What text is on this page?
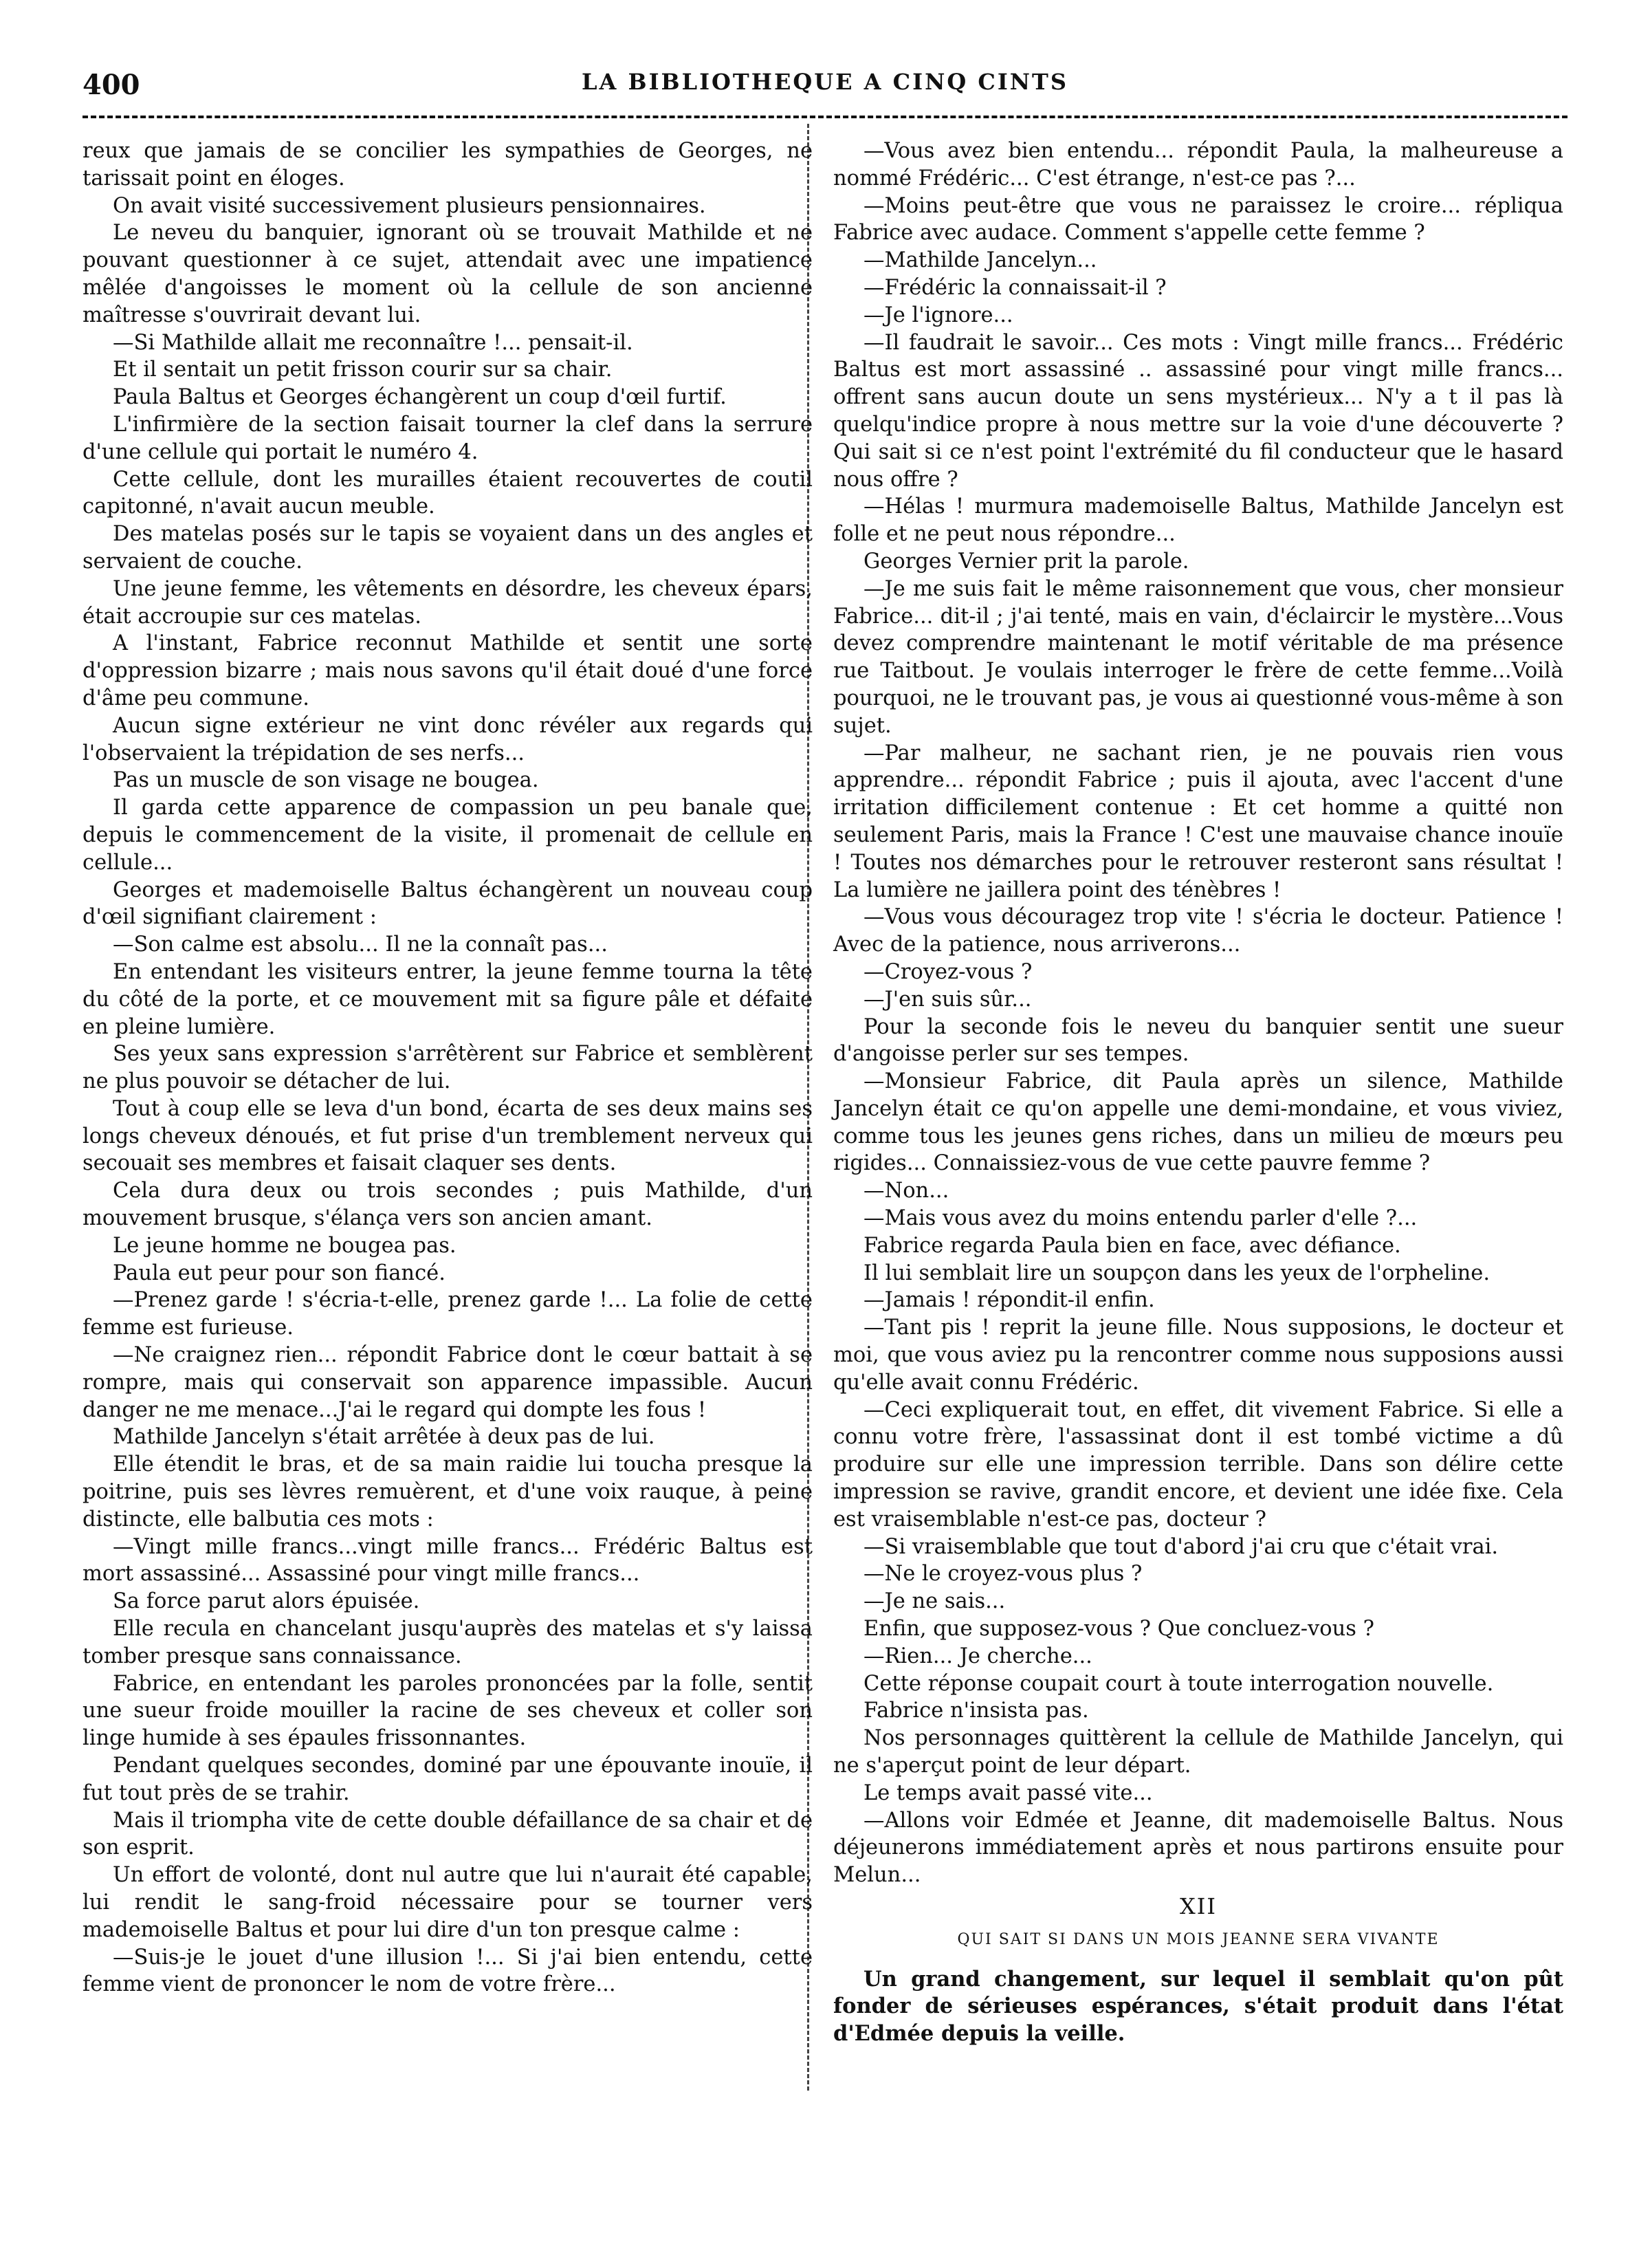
400	LA BIBLIOTHEQUE A CINQ CINTS

reux que jamais de se concilier les sympathies de Georges, ne tarissait point en éloges.

On avait visité successivement plusieurs pensionnaires.

Le neveu du banquier, ignorant où se trouvait Mathilde et ne pouvant questionner à ce sujet, attendait avec une impatience mêlée d'angoisses le moment où la cellule de son ancienne maîtresse s'ouvrirait devant lui.

—Si Mathilde allait me reconnaître !... pensait-il.

Et il sentait un petit frisson courir sur sa chair.

Paula Baltus et Georges échangèrent un coup d'œil furtif.

L'infirmière de la section faisait tourner la clef dans la serrure d'une cellule qui portait le numéro 4.

Cette cellule, dont les murailles étaient recouvertes de coutil capitonné, n'avait aucun meuble.

Des matelas posés sur le tapis se voyaient dans un des angles et servaient de couche.

Une jeune femme, les vêtements en désordre, les cheveux épars, était accroupie sur ces matelas.

A l'instant, Fabrice reconnut Mathilde et sentit une sorte d'oppression bizarre ; mais nous savons qu'il était doué d'une force d'âme peu commune.

Aucun signe extérieur ne vint donc révéler aux regards qui l'observaient la trépidation de ses nerfs...

Pas un muscle de son visage ne bougea.

Il garda cette apparence de compassion un peu banale que, depuis le commencement de la visite, il promenait de cellule en cellule...

Georges et mademoiselle Baltus échangèrent un nouveau coup d'œil signifiant clairement :

—Son calme est absolu... Il ne la connaît pas...

En entendant les visiteurs entrer, la jeune femme tourna la tête du côté de la porte, et ce mouvement mit sa figure pâle et défaite en pleine lumière.

Ses yeux sans expression s'arrêtèrent sur Fabrice et semblèrent ne plus pouvoir se détacher de lui.

Tout à coup elle se leva d'un bond, écarta de ses deux mains ses longs cheveux dénoués, et fut prise d'un tremblement nerveux qui secouait ses membres et faisait claquer ses dents.

Cela dura deux ou trois secondes ; puis Mathilde, d'un mouvement brusque, s'élança vers son ancien amant.

Le jeune homme ne bougea pas.

Paula eut peur pour son fiancé.

—Prenez garde ! s'écria-t-elle, prenez garde !... La folie de cette femme est furieuse.

—Ne craignez rien... répondit Fabrice dont le cœur battait à se rompre, mais qui conservait son apparence impassible. Aucun danger ne me menace...J'ai le regard qui dompte les fous !

Mathilde Jancelyn s'était arrêtée à deux pas de lui.

Elle étendit le bras, et de sa main raidie lui toucha presque la poitrine, puis ses lèvres remuèrent, et d'une voix rauque, à peine distincte, elle balbutia ces mots :

—Vingt mille francs...vingt mille francs... Frédéric Baltus est mort assassiné... Assassiné pour vingt mille francs...

Sa force parut alors épuisée.

Elle recula en chancelant jusqu'auprès des matelas et s'y laissa tomber presque sans connaissance.

Fabrice, en entendant les paroles prononcées par la folle, sentit une sueur froide mouiller la racine de ses cheveux et coller son linge humide à ses épaules frissonnantes.

Pendant quelques secondes, dominé par une épouvante inouïe, il fut tout près de se trahir.

Mais il triompha vite de cette double défaillance de sa chair et de son esprit.

Un effort de volonté, dont nul autre que lui n'aurait été capable, lui rendit le sang-froid nécessaire pour se tourner vers mademoiselle Baltus et pour lui dire d'un ton presque calme :

—Suis-je le jouet d'une illusion !... Si j'ai bien entendu, cette femme vient de prononcer le nom de votre frère...

—Vous avez bien entendu... répondit Paula, la malheureuse a nommé Frédéric... C'est étrange, n'est-ce pas ?...

—Moins peut-être que vous ne paraissez le croire... répliqua Fabrice avec audace. Comment s'appelle cette femme ?

—Mathilde Jancelyn...

—Frédéric la connaissait-il ?

—Je l'ignore...

—Il faudrait le savoir... Ces mots : Vingt mille francs... Frédéric Baltus est mort assassiné .. assassiné pour vingt mille francs... offrent sans aucun doute un sens mystérieux... N'y a t il pas là quelqu'indice propre à nous mettre sur la voie d'une découverte ? Qui sait si ce n'est point l'extrémité du fil conducteur que le hasard nous offre ?

—Hélas ! murmura mademoiselle Baltus, Mathilde Jancelyn est folle et ne peut nous répondre...

Georges Vernier prit la parole.

—Je me suis fait le même raisonnement que vous, cher monsieur Fabrice... dit-il ; j'ai tenté, mais en vain, d'éclaircir le mystère...Vous devez comprendre maintenant le motif véritable de ma présence rue Taitbout. Je voulais interroger le frère de cette femme...Voilà pourquoi, ne le trouvant pas, je vous ai questionné vous-même à son sujet.

—Par malheur, ne sachant rien, je ne pouvais rien vous apprendre... répondit Fabrice ; puis il ajouta, avec l'accent d'une irritation difficilement contenue : Et cet homme a quitté non seulement Paris, mais la France ! C'est une mauvaise chance inouïe ! Toutes nos démarches pour le retrouver resteront sans résultat ! La lumière ne jaillera point des ténèbres !

—Vous vous découragez trop vite ! s'écria le docteur. Patience ! Avec de la patience, nous arriverons...

—Croyez-vous ?

—J'en suis sûr...

Pour la seconde fois le neveu du banquier sentit une sueur d'angoisse perler sur ses tempes.

—Monsieur Fabrice, dit Paula après un silence, Mathilde Jancelyn était ce qu'on appelle une demi-mondaine, et vous viviez, comme tous les jeunes gens riches, dans un milieu de mœurs peu rigides... Connaissiez-vous de vue cette pauvre femme ?

—Non...

—Mais vous avez du moins entendu parler d'elle ?...

Fabrice regarda Paula bien en face, avec défiance.

Il lui semblait lire un soupçon dans les yeux de l'orpheline.

—Jamais ! répondit-il enfin.

—Tant pis ! reprit la jeune fille. Nous supposions, le docteur et moi, que vous aviez pu la rencontrer comme nous supposions aussi qu'elle avait connu Frédéric.

—Ceci expliquerait tout, en effet, dit vivement Fabrice. Si elle a connu votre frère, l'assassinat dont il est tombé victime a dû produire sur elle une impression terrible. Dans son délire cette impression se ravive, grandit encore, et devient une idée fixe. Cela est vraisemblable n'est-ce pas, docteur ?

—Si vraisemblable que tout d'abord j'ai cru que c'était vrai.

—Ne le croyez-vous plus ?

—Je ne sais...

Enfin, que supposez-vous ? Que concluez-vous ?

—Rien... Je cherche...

Cette réponse coupait court à toute interrogation nouvelle.

Fabrice n'insista pas.

Nos personnages quittèrent la cellule de Mathilde Jancelyn, qui ne s'aperçut point de leur départ.

Le temps avait passé vite...

—Allons voir Edmée et Jeanne, dit mademoiselle Baltus. Nous déjeunerons immédiatement après et nous partirons ensuite pour Melun...

XII
QUI SAIT SI DANS UN MOIS JEANNE SERA VIVANTE

Un grand changement, sur lequel il semblait qu'on pût fonder de sérieuses espérances, s'était produit dans l'état d'Edmée depuis la veille.
